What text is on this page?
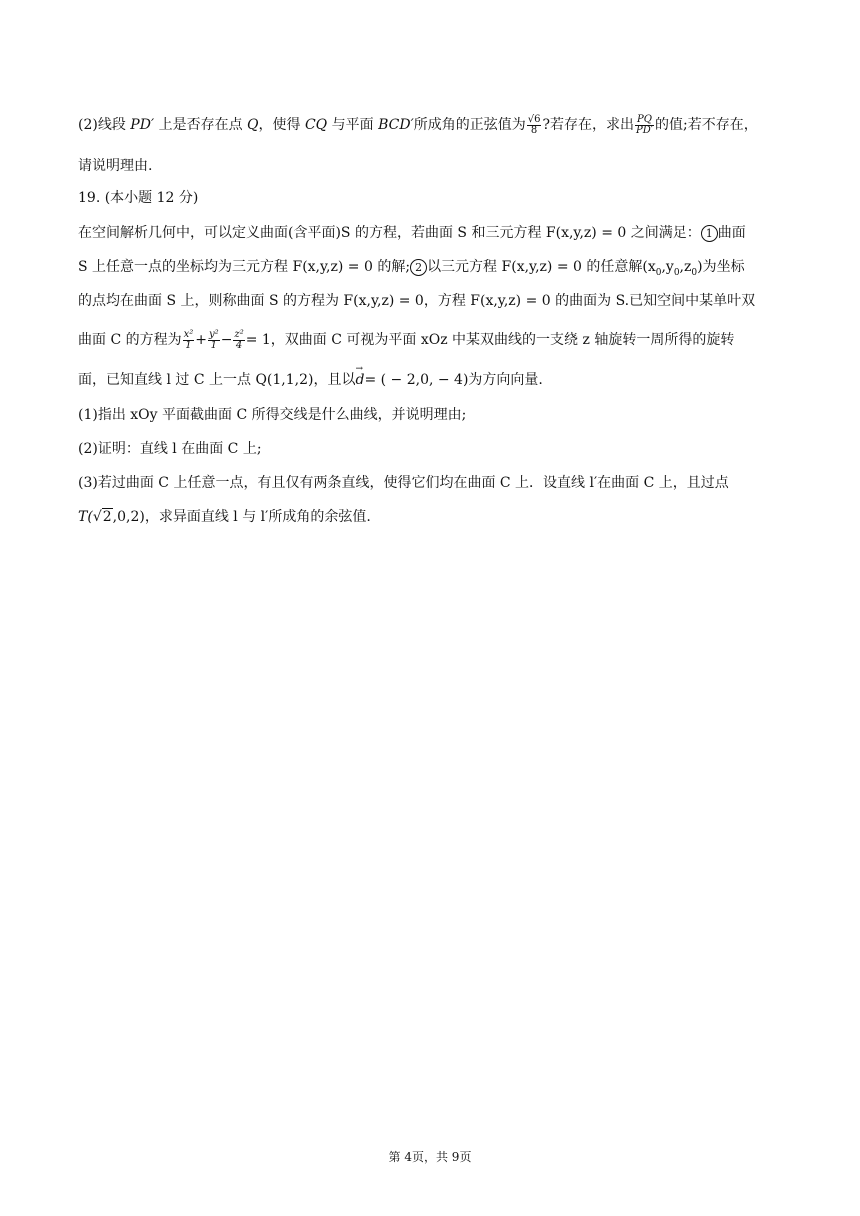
(2)线段 PD′ 上是否存在点 Q，使得 CQ 与平面 BCD′所成角的正弦值为 $\frac{√6}{8}$ ?若存在，求出 $\frac{PQ}{PD'}$ 的值;若不存在，
请说明理由.
19. (本小题 12 分)
在空间解析几何中，可以定义曲面(含平面)S 的方程，若曲面 S 和三元方程 F(x,y,z) = 0 之间满足： 1 曲面
S 上任意一点的坐标均为三元方程 F(x,y,z) = 0 的解; 2 以三元方程 F(x,y,z) = 0 的任意解$(x_0,y_0,z_0)$为坐标
的点均在曲面 S 上，则称曲面 S 的方程为 F(x,y,z) = 0，方程 F(x,y,z) = 0 的曲面为 S.已知空间中某单叶双
曲面 C 的方程为 $\frac{\text{x²}}{1} + \frac{\text{y²}}{1} - \frac{\text{z²}}{4} = 1$，双曲面 C 可视为平面 xOz 中某双曲线的一支绕 z 轴旋转一周所得的旋转
面，已知直线 l 过 C 上一点 Q(1,1,2)，且以→ d= ( − 2,0, − 4)为方向向量.
(1)指出 xOy 平面截曲面 C 所得交线是什么曲线，并说明理由;
(2)证明：直线 l 在曲面 C 上;
(3)若过曲面 C 上任意一点，有且仅有两条直线，使得它们均在曲面 C 上．设直线 l′在曲面 C 上，且过点
T(√2,0,2)，求异面直线 l 与 l′所成角的余弦值.
第 4页，共 9页
